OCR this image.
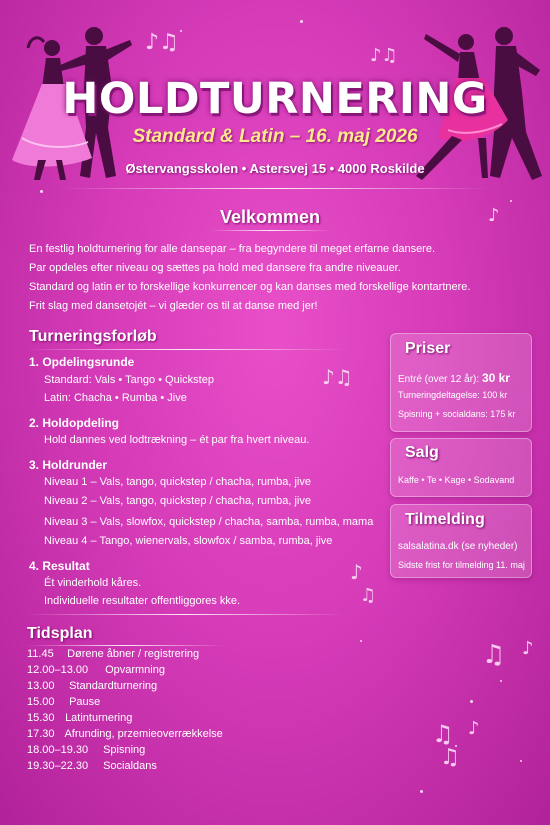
♪♫
♪♫
♪
♪♫
♪
♫
♫ ♪
♫ ♪
♫
HOLDTURNERING
Standard & Latin – 16. maj 2026
Østervangsskolen • Astersvej 15 • 4000 Roskilde
Velkommen
En festlig holdturnering for alle dansepar – fra begyndere til meget erfarne dansere.
Par opdeles efter niveau og sættes pa hold med dansere fra andre niveauer.
Standard og latin er to forskellige konkurrencer og kan danses med forskellige kontartnere.
Frit slag med dansetojét – vi glæder os til at danse med jer!
Turneringsforløb
1. Opdelingsrunde
Standard: Vals • Tango • Quickstep
Latin: Chacha • Rumba • Jive
2. Holdopdeling
Hold dannes ved lodtrækning – ét par fra hvert niveau.
3. Holdrunder
Niveau 1 – Vals, tango, quickstep / chacha, rumba, jive
Niveau 2 – Vals, tango, quickstep / chacha, rumba, jive
Niveau 3 – Vals, slowfox, quickstep / chacha, samba, rumba, mama
Niveau 4 – Tango, wienervals, slowfox / samba, rumba, jive
4. Resultat
Ét vinderhold kåres.
Individuelle resultater offentliggores kke.
Priser
Entré (over 12 år): 30 kr
Turneringdeltagelse: 100 kr
Spisning + socialdans: 175 kr
Salg
Kaffe • Te • Kage • Sodavand
Tilmelding
salsalatina.dk (se nyheder)
Sidste frist for tilmelding 11. maj
Tidsplan
11.45 Dørene åbner / registrering
12.00–13.00 Opvarmning
13.00 Standardturnering
15.00 Pause
15.30 Latinturnering
17.30 Afrunding, przemieoverrækkelse
18.00–19.30 Spisning
19.30–22.30 Socialdans
